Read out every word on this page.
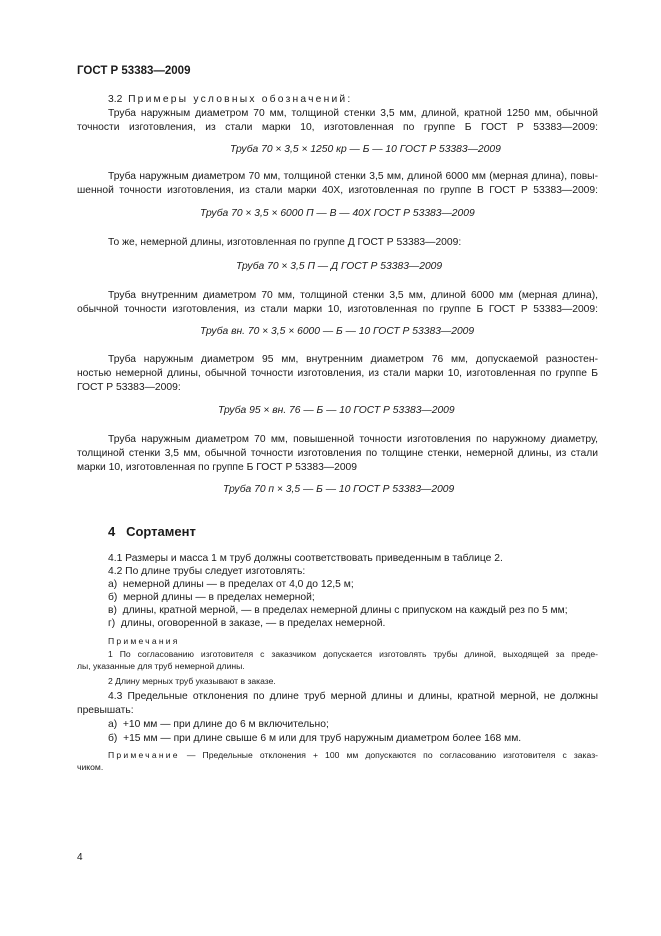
ГОСТ Р 53383—2009
3.2 Примеры условных обозначений:
Труба наружным диаметром 70 мм, толщиной стенки 3,5 мм, длиной, кратной 1250 мм, обычной
точности изготовления, из стали марки 10, изготовленная по группе Б ГОСТ Р 53383—2009:
Труба 70 × 3,5 × 1250 кр — Б — 10 ГОСТ Р 53383—2009
Труба наружным диаметром 70 мм, толщиной стенки 3,5 мм, длиной 6000 мм (мерная длина), повы-
шенной точности изготовления, из стали марки 40Х, изготовленная по группе В ГОСТ Р 53383—2009:
Труба 70 × 3,5 × 6000 П — В — 40Х ГОСТ Р 53383—2009
То же, немерной длины, изготовленная по группе Д ГОСТ Р 53383—2009:
Труба 70 × 3,5 П — Д ГОСТ Р 53383—2009
Труба внутренним диаметром 70 мм, толщиной стенки 3,5 мм, длиной 6000 мм (мерная длина),
обычной точности изготовления, из стали марки 10, изготовленная по группе Б ГОСТ Р 53383—2009:
Труба вн. 70 × 3,5 × 6000 — Б — 10 ГОСТ Р 53383—2009
Труба наружным диаметром 95 мм, внутренним диаметром 76 мм, допускаемой разностен-
ностью немерной длины, обычной точности изготовления, из стали марки 10, изготовленная по группе Б
ГОСТ Р 53383—2009:
Труба 95 × вн. 76 — Б — 10 ГОСТ Р 53383—2009
Труба наружным диаметром 70 мм, повышенной точности изготовления по наружному диаметру,
толщиной стенки 3,5 мм, обычной точности изготовления по толщине стенки, немерной длины, из стали
марки 10, изготовленная по группе Б ГОСТ Р 53383—2009
Труба 70 п × 3,5 — Б — 10 ГОСТ Р 53383—2009
4 Сортамент
4.1 Размеры и масса 1 м труб должны соответствовать приведенным в таблице 2.
4.2 По длине трубы следует изготовлять:
а) немерной длины — в пределах от 4,0 до 12,5 м;
б) мерной длины — в пределах немерной;
в) длины, кратной мерной, — в пределах немерной длины с припуском на каждый рез по 5 мм;
г) длины, оговоренной в заказе, — в пределах немерной.
Примечания
1 По согласованию изготовителя с заказчиком допускается изготовлять трубы длиной, выходящей за преде-
лы, указанные для труб немерной длины.
2 Длину мерных труб указывают в заказе.
4.3 Предельные отклонения по длине труб мерной длины и длины, кратной мерной, не должны
превышать:
а) +10 мм — при длине до 6 м включительно;
б) +15 мм — при длине свыше 6 м или для труб наружным диаметром более 168 мм.
Примечание — Предельные отклонения + 100 мм допускаются по согласованию изготовителя с заказ-
чиком.
4
